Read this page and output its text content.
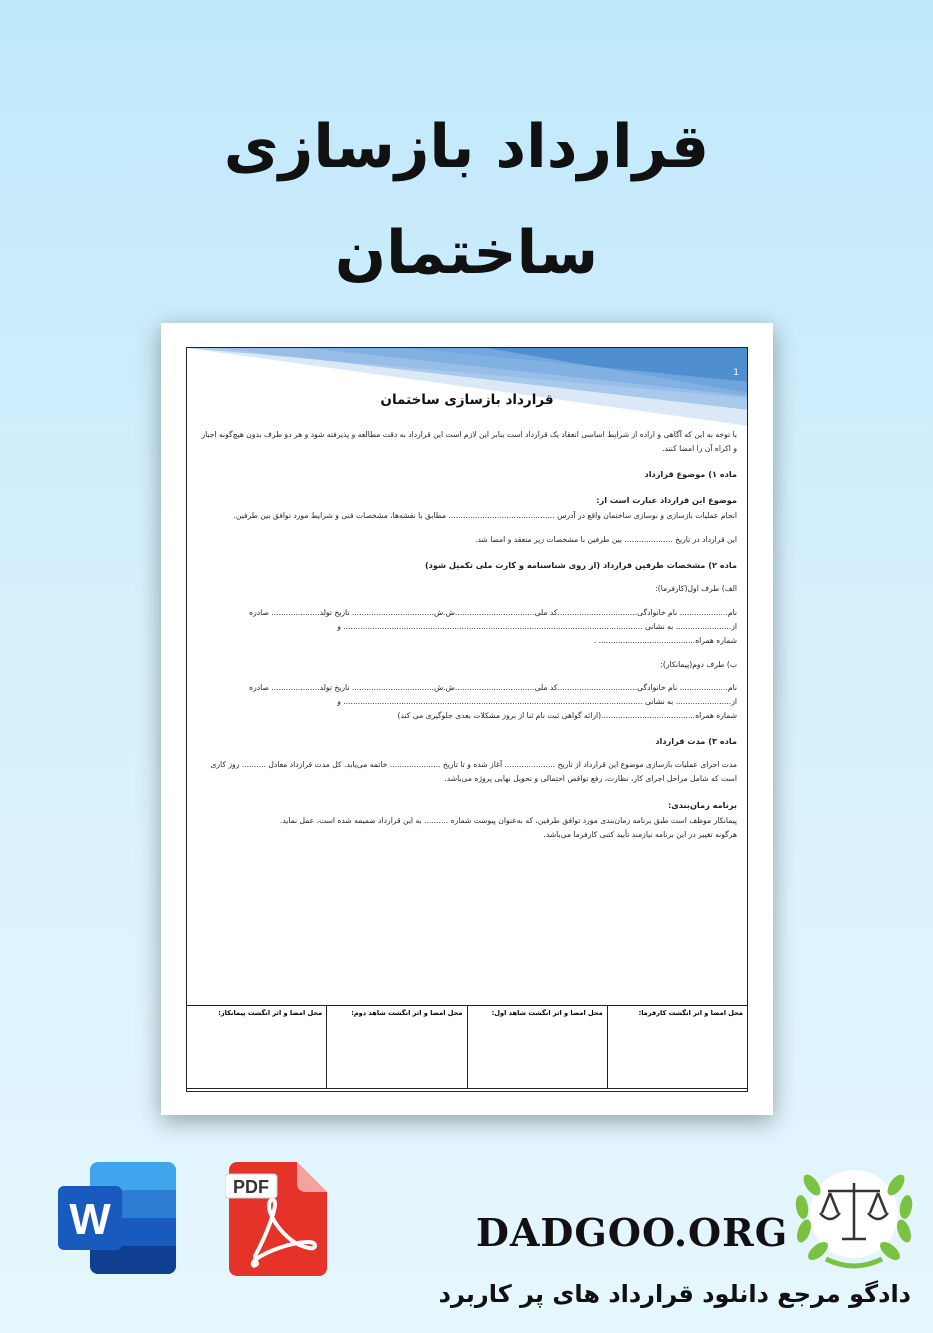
قرارداد بازسازی
ساختمان
1
قرارداد بازسازی ساختمان

با توجه به این که آگاهی و اراده از شرایط اساسی انعقاد یک قرارداد است بنابر این لازم است این قرارداد به دقت مطالعه و پذیرفته شود و هر دو طرف بدون هیچ‌گونه اجبار و اکراه آن را امضا کنند.

ماده ۱) موضوع قرارداد

موضوع این قرارداد عبارت است از:

انجام عملیات بازسازی و نوسازی ساختمان واقع در آدرس ............................................ مطابق با نقشه‌ها، مشخصات فنی و شرایط مورد توافق بین طرفین.

این قرارداد در تاریخ .................... بین طرفین با مشخصات زیر منعقد و امضا شد.

ماده ۲) مشخصات طرفین قرارداد (از روی شناسنامه و کارت ملی تکمیل شود)

الف) طرف اول(کارفرما):

نام.................... نام خانوادگی.................................کد ملی.................................ش.ش.................................. تاریخ تولد.................... صادره

از....................... به نشانی ............................................................................................................................ و

شماره همراه........................................ .

ب) طرف دوم(پیمانکار):

نام.................... نام خانوادگی.................................کد ملی.................................ش.ش.................................. تاریخ تولد.................... صادره

از....................... به نشانی ............................................................................................................................ و

شماره همراه.......................................(ارائه گواهی ثبت نام ثنا از بروز مشکلات بعدی جلوگیری می کند)

ماده ۳) مدت قرارداد

مدت اجرای عملیات بازسازی موضوع این قرارداد از تاریخ ..................... آغاز شده و تا تاریخ ..................... خاتمه می‌یابد. کل مدت قرارداد معادل .......... روز کاری است که شامل مراحل اجرای کار، نظارت، رفع نواقص احتمالی و تحویل نهایی پروژه می‌باشد.

برنامه زمان‌بندی:

پیمانکار موظف است طبق برنامه زمان‌بندی مورد توافق طرفین، که به‌عنوان پیوست شماره .......... به این قرارداد ضمیمه شده است، عمل نماید.

هرگونه تغییر در این برنامه نیازمند تأیید کتبی کارفرما می‌باشد.

محل امضا و اثر انگشت کارفرما:
محل امضا و اثر انگشت شاهد اول:
محل امضا و اثر انگشت شاهد دوم:
محل امضا و اثر انگشت پیمانکار:
W
PDF
DADGOO.ORG
دادگو مرجع دانلود قرارداد های پر کاربرد
